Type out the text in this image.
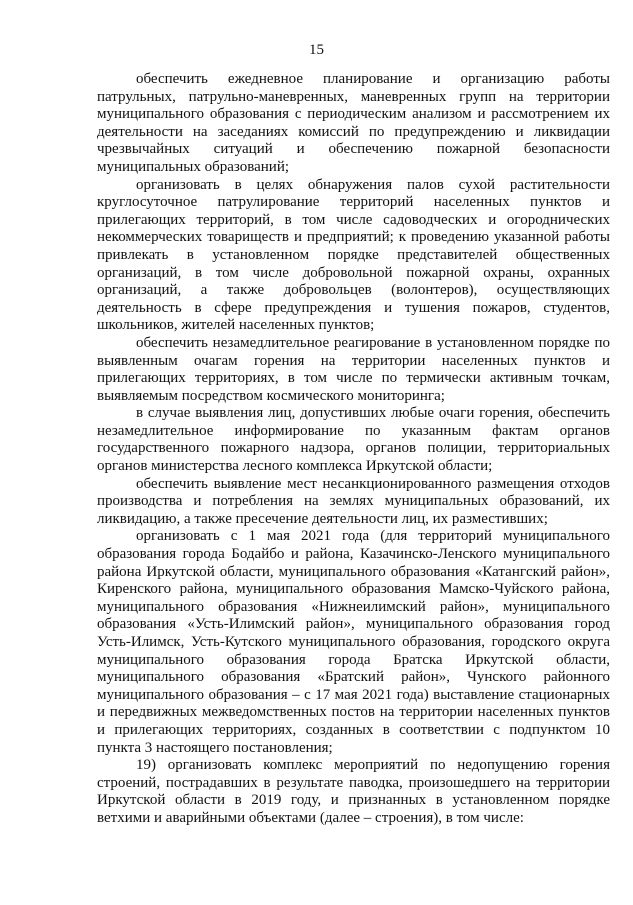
15

обеспечить ежедневное планирование и организацию работы патрульных, патрульно-маневренных, маневренных групп на территории муниципального образования с периодическим анализом и рассмотрением их деятельности на заседаниях комиссий по предупреждению и ликвидации чрезвычайных ситуаций и обеспечению пожарной безопасности муниципальных образований;

организовать в целях обнаружения палов сухой растительности круглосуточное патрулирование территорий населенных пунктов и прилегающих территорий, в том числе садоводческих и огороднических некоммерческих товариществ и предприятий; к проведению указанной работы привлекать в установленном порядке представителей общественных организаций, в том числе добровольной пожарной охраны, охранных организаций, а также добровольцев (волонтеров), осуществляющих деятельность в сфере предупреждения и тушения пожаров, студентов, школьников, жителей населенных пунктов;

обеспечить незамедлительное реагирование в установленном порядке по выявленным очагам горения на территории населенных пунктов и прилегающих территориях, в том числе по термически активным точкам, выявляемым посредством космического мониторинга;

в случае выявления лиц, допустивших любые очаги горения, обеспечить незамедлительное информирование по указанным фактам органов государственного пожарного надзора, органов полиции, территориальных органов министерства лесного комплекса Иркутской области;

обеспечить выявление мест несанкционированного размещения отходов производства и потребления на землях муниципальных образований, их ликвидацию, а также пресечение деятельности лиц, их разместивших;

организовать с 1 мая 2021 года (для территорий муниципального образования города Бодайбо и района, Казачинско-Ленского муниципального района Иркутской области, муниципального образования «Катангский район», Киренского района, муниципального образования Мамско-Чуйского района, муниципального образования «Нижнеилимский район», муниципального образования «Усть-Илимский район», муниципального образования город Усть-Илимск, Усть-Кутского муниципального образования, городского округа муниципального образования города Братска Иркутской области, муниципального образования «Братский район», Чунского районного муниципального образования – с 17 мая 2021 года) выставление стационарных и передвижных межведомственных постов на территории населенных пунктов и прилегающих территориях, созданных в соответствии с подпунктом 10 пункта 3 настоящего постановления;

19) организовать комплекс мероприятий по недопущению горения строений, пострадавших в результате паводка, произошедшего на территории Иркутской области в 2019 году, и признанных в установленном порядке ветхими и аварийными объектами (далее – строения), в том числе:
